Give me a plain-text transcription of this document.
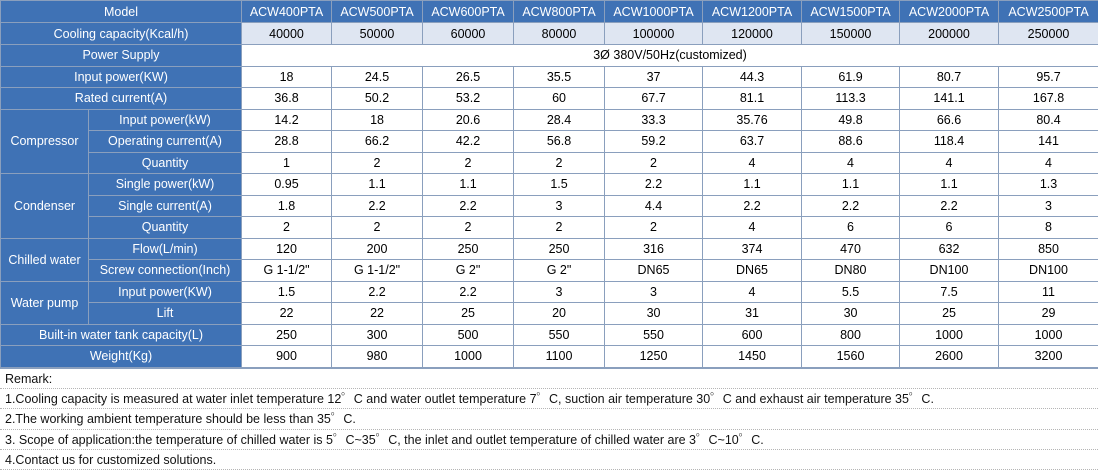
Model		ACW400PTA	ACW500PTA	ACW600PTA	ACW800PTA	ACW1000PTA	ACW1200PTA	ACW1500PTA	ACW2000PTA	ACW2500PTA
Cooling capacity(Kcal/h)		40000	50000	60000	80000	100000	120000	150000	200000	250000
Power Supply		3Ø 380V/50Hz(customized)								
Input power(KW)		18	24.5	26.5	35.5	37	44.3	61.9	80.7	95.7
Rated current(A)		36.8	50.2	53.2	60	67.7	81.1	113.3	141.1	167.8
Compressor	Input power(kW)	14.2	18	20.6	28.4	33.3	35.76	49.8	66.6	80.4
	Operating current(A)	28.8	66.2	42.2	56.8	59.2	63.7	88.6	118.4	141
	Quantity	1	2	2	2	2	4	4	4	4
Condenser	Single power(kW)	0.95	1.1	1.1	1.5	2.2	1.1	1.1	1.1	1.3
	Single current(A)	1.8	2.2	2.2	3	4.4	2.2	2.2	2.2	3
	Quantity	2	2	2	2	2	4	6	6	8
Chilled water	Flow(L/min)	120	200	250	250	316	374	470	632	850
	Screw connection(Inch)	G 1-1/2"	G 1-1/2"	G 2"	G 2"	DN65	DN65	DN80	DN100	DN100
Water pump	Input power(KW)	1.5	2.2	2.2	3	3	4	5.5	7.5	11
	Lift	22	22	25	20	30	31	30	25	29
Built-in water tank capacity(L)		250	300	500	550	550	600	800	1000	1000
Weight(Kg)		900	980	1000	1100	1250	1450	1560	2600	3200
Remark:
1.Cooling capacity is measured at water inlet temperature 12゜C and water outlet temperature 7゜C, suction air temperature 30゜C and exhaust air temperature 35゜C.
2.The working ambient temperature should be less than 35゜C.
3. Scope of application:the temperature of chilled water is 5゜C~35゜C, the inlet and outlet temperature of chilled water are 3゜C~10゜C.
4.Contact us for customized solutions.
